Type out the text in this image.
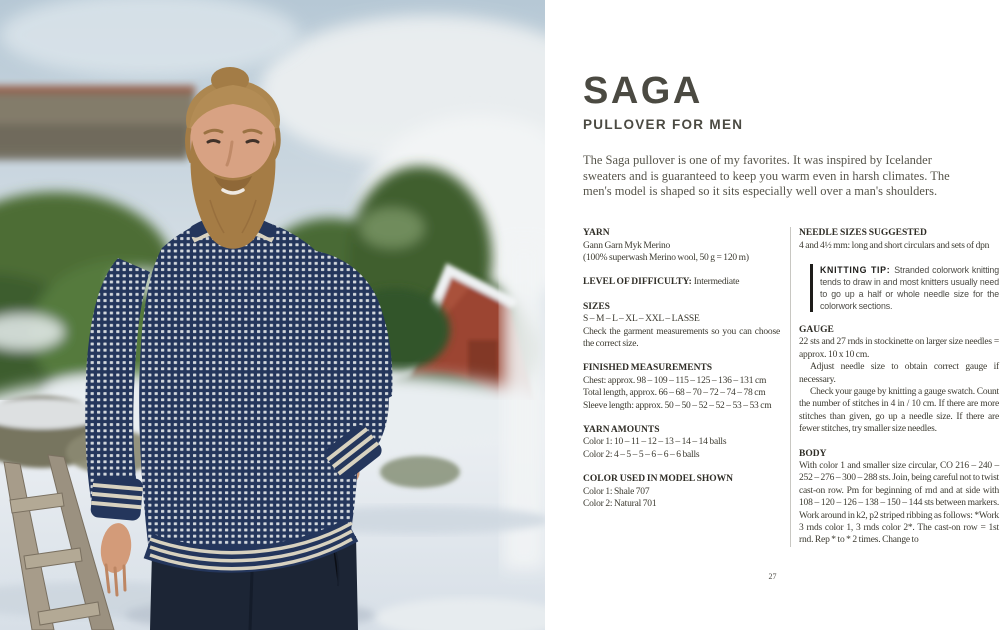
SAGA
PULLOVER FOR MEN

The Saga pullover is one of my favorites. It was inspired by Icelander
sweaters and is guaranteed to keep you warm even in harsh climates. The
men's model is shaped so it sits especially well over a man's shoulders.

YARN
Gann Garn Myk Merino
(100% superwash Merino wool, 50 g = 120 m)
LEVEL OF DIFFICULTY: Intermediate
SIZES
S – M – L – XL – XXL – LASSE
Check the garment measurements so you can choose the correct size.
FINISHED MEASUREMENTS
Chest: approx. 98 – 109 – 115 – 125 – 136 – 131 cm
Total length, approx. 66 – 68 – 70 – 72 – 74 – 78 cm
Sleeve length: approx. 50 – 50 – 52 – 52 – 53 – 53 cm
YARN AMOUNTS
Color 1: 10 – 11 – 12 – 13 – 14 – 14 balls
Color 2: 4 – 5 – 5 – 6 – 6 – 6 balls
COLOR USED IN MODEL SHOWN
Color 1: Shale 707
Color 2: Natural 701
NEEDLE SIZES SUGGESTED
4 and 4½ mm: long and short circulars and sets of dpn
KNITTING TIP: Stranded colorwork knitting tends to draw in and most knitters usually need to go up a half or whole needle size for the colorwork sections.
GAUGE
22 sts and 27 rnds in stockinette on larger size needles = approx. 10 x 10 cm.
Adjust needle size to obtain correct gauge if necessary.
Check your gauge by knitting a gauge swatch. Count the number of stitches in 4 in / 10 cm. If there are more stitches than given, go up a needle size. If there are fewer stitches, try smaller size needles.
BODY
With color 1 and smaller size circular, CO 216 – 240 – 252 – 276 – 300 – 288 sts. Join, being careful not to twist cast-on row. Pm for beginning of rnd and at side with 108 – 120 – 126 – 138 – 150 – 144 sts between markers. Work around in k2, p2 striped ribbing as follows: *Work 3 rnds color 1, 3 rnds color 2*. The cast-on row = 1st rnd. Rep * to * 2 times. Change to
27
